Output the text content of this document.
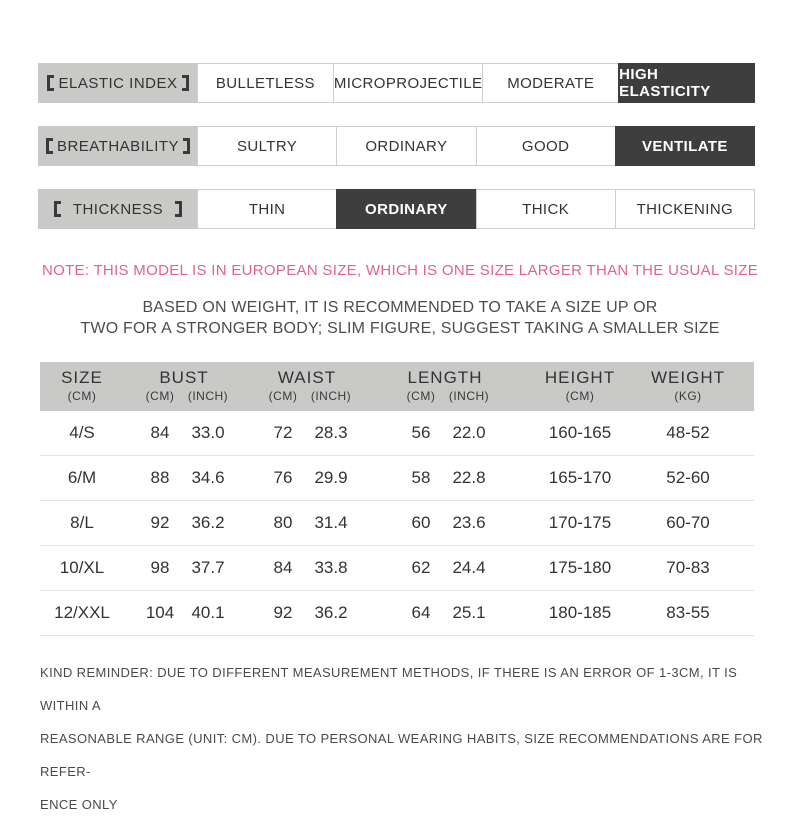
ELASTIC INDEX	BULLETLESS	MICROPROJECTILE	MODERATE	HIGH ELASTICITY
BREATHABILITY	SULTRY	ORDINARY	GOOD	VENTILATE
THICKNESS	THIN	ORDINARY	THICK	THICKENING
NOTE: THIS MODEL IS IN EUROPEAN SIZE, WHICH IS ONE SIZE LARGER THAN THE USUAL SIZE
BASED ON WEIGHT, IT IS RECOMMENDED TO TAKE A SIZE UP OR
TWO FOR A STRONGER BODY; SLIM FIGURE, SUGGEST TAKING A SMALLER SIZE
SIZE	BUST	WAIST	LENGTH	HEIGHT	WEIGHT
(CM)	(CM)	(INCH)	(CM)	(INCH)	(CM)	(INCH)	(CM)	(KG)
4/S	84	33.0	72	28.3	56	22.0	160-165	48-52
6/M	88	34.6	76	29.9	58	22.8	165-170	52-60
8/L	92	36.2	80	31.4	60	23.6	170-175	60-70
10/XL	98	37.7	84	33.8	62	24.4	175-180	70-83
12/XXL	104	40.1	92	36.2	64	25.1	180-185	83-55
KIND REMINDER: DUE TO DIFFERENT MEASUREMENT METHODS, IF THERE IS AN ERROR OF 1-3CM, IT IS WITHIN A
REASONABLE RANGE (UNIT: CM). DUE TO PERSONAL WEARING HABITS, SIZE RECOMMENDATIONS ARE FOR REFER-
ENCE ONLY
